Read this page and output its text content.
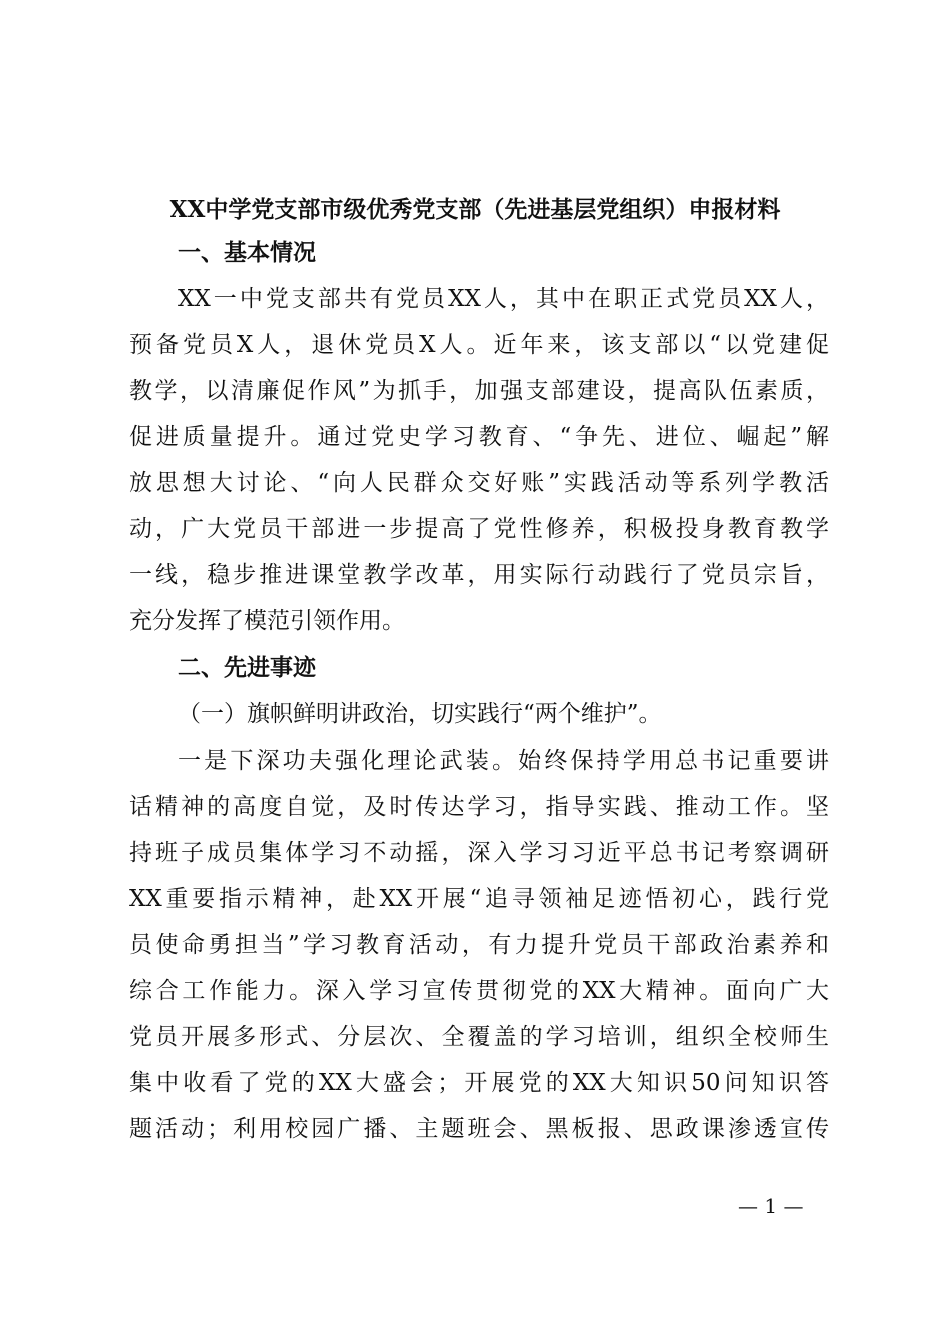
XX中学党支部市级优秀党支部（先进基层党组织）申报材料
一、基本情况
XX一中党支部共有党员XX人，其中在职正式党员XX人，
预备党员X人，退休党员X人。近年来，该支部以“以党建促
教学，以清廉促作风”为抓手，加强支部建设，提高队伍素质，
促进质量提升。通过党史学习教育、“争先、进位、崛起”解
放思想大讨论、“向人民群众交好账”实践活动等系列学教活
动，广大党员干部进一步提高了党性修养，积极投身教育教学
一线，稳步推进课堂教学改革，用实际行动践行了党员宗旨，
充分发挥了模范引领作用。
二、先进事迹
（一）旗帜鲜明讲政治，切实践行“两个维护”。
一是下深功夫强化理论武装。始终保持学用总书记重要讲
话精神的高度自觉，及时传达学习，指导实践、推动工作。坚
持班子成员集体学习不动摇，深入学习习近平总书记考察调研
XX重要指示精神，赴XX开展“追寻领袖足迹悟初心，践行党
员使命勇担当”学习教育活动，有力提升党员干部政治素养和
综合工作能力。深入学习宣传贯彻党的XX大精神。面向广大
党员开展多形式、分层次、全覆盖的学习培训，组织全校师生
集中收看了党的XX大盛会；开展党的XX大知识50问知识答
题活动；利用校园广播、主题班会、黑板报、思政课渗透宣传
— 1 —
